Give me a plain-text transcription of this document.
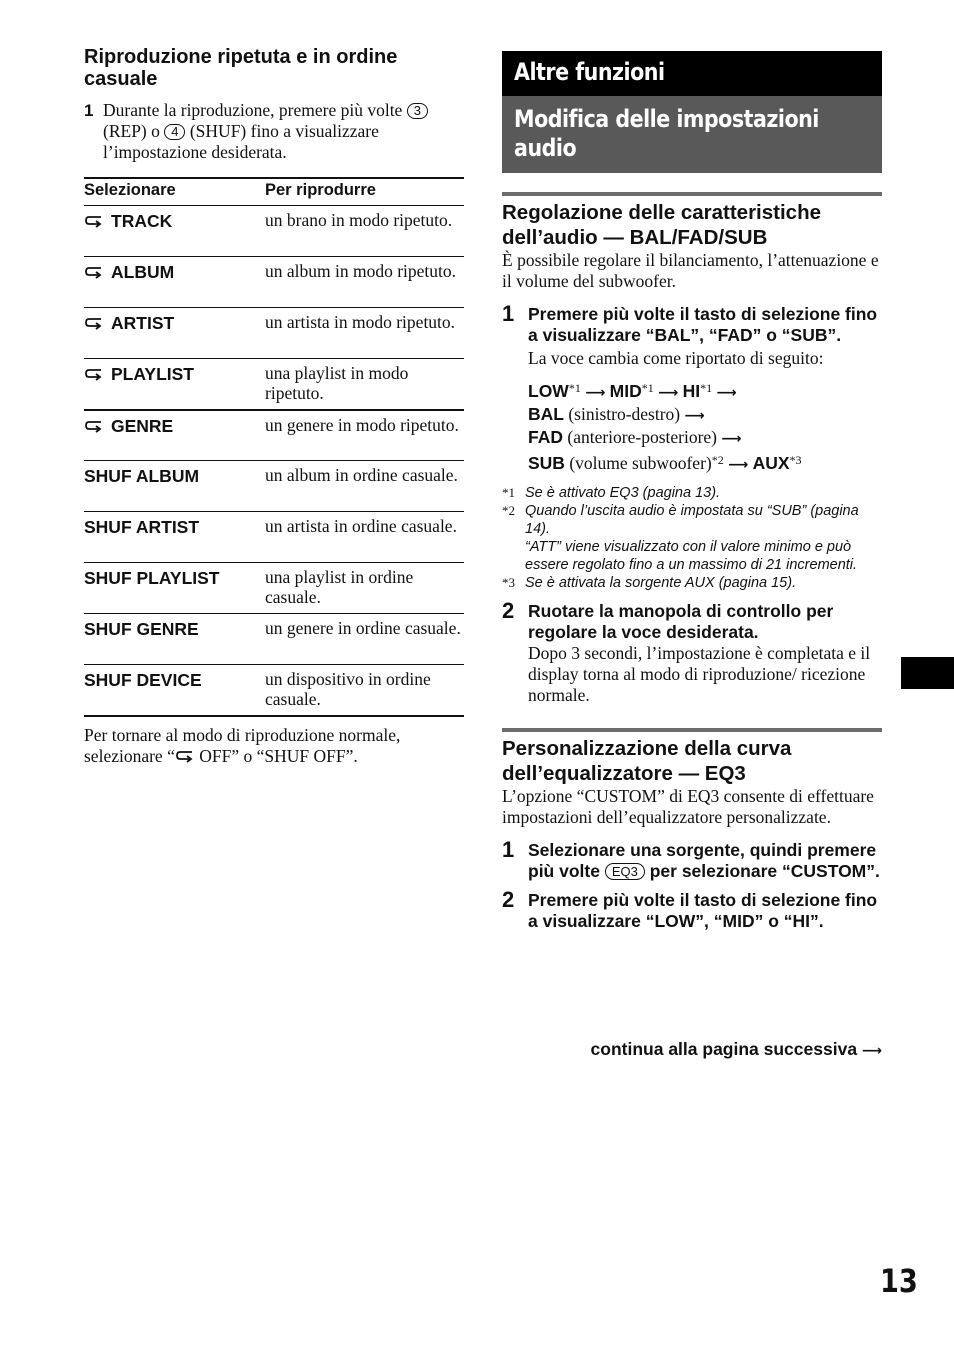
Riproduzione ripetuta e in ordine casuale
1 Durante la riproduzione, premere più volte 3 (REP) o 4 (SHUF) fino a visualizzare l’impostazione desiderata.
Selezionare	Per riprodurre
TRACK	un brano in modo ripetuto.
ALBUM	un album in modo ripetuto.
ARTIST	un artista in modo ripetuto.
PLAYLIST	una playlist in modo ripetuto.
GENRE	un genere in modo ripetuto.
SHUF ALBUM	un album in ordine casuale.
SHUF ARTIST	un artista in ordine casuale.
SHUF PLAYLIST	una playlist in ordine casuale.
SHUF GENRE	un genere in ordine casuale.
SHUF DEVICE	un dispositivo in ordine casuale.
Per tornare al modo di riproduzione normale, selezionare “ OFF” o “SHUF OFF”.
Altre funzioni
Modifica delle impostazioni audio
Regolazione delle caratteristiche dell’audio — BAL/FAD/SUB
È possibile regolare il bilanciamento, l’attenuazione e il volume del subwoofer.
1 Premere più volte il tasto di selezione fino a visualizzare “BAL”, “FAD” o “SUB”.
La voce cambia come riportato di seguito:
LOW$^{*1}$ ⟶ MID$^{*1}$ ⟶ HI$^{*1}$ ⟶
BAL (sinistro-destro) ⟶
FAD (anteriore-posteriore) ⟶
SUB (volume subwoofer)$^{*2}$ ⟶ AUX$^{*3}$
*1 Se è attivato EQ3 (pagina 13).
*2 Quando l’uscita audio è impostata su “SUB” (pagina 14).
“ATT” viene visualizzato con il valore minimo e può essere regolato fino a un massimo di 21 incrementi.
*3 Se è attivata la sorgente AUX (pagina 15).
2 Ruotare la manopola di controllo per regolare la voce desiderata.
Dopo 3 secondi, l’impostazione è completata e il display torna al modo di riproduzione/ ricezione normale.
Personalizzazione della curva dell’equalizzatore — EQ3
L’opzione “CUSTOM” di EQ3 consente di effettuare impostazioni dell’equalizzatore personalizzate.
1 Selezionare una sorgente, quindi premere più volte EQ3 per selezionare “CUSTOM”.
2 Premere più volte il tasto di selezione fino a visualizzare “LOW”, “MID” o “HI”.
continua alla pagina successiva ⟶
13
